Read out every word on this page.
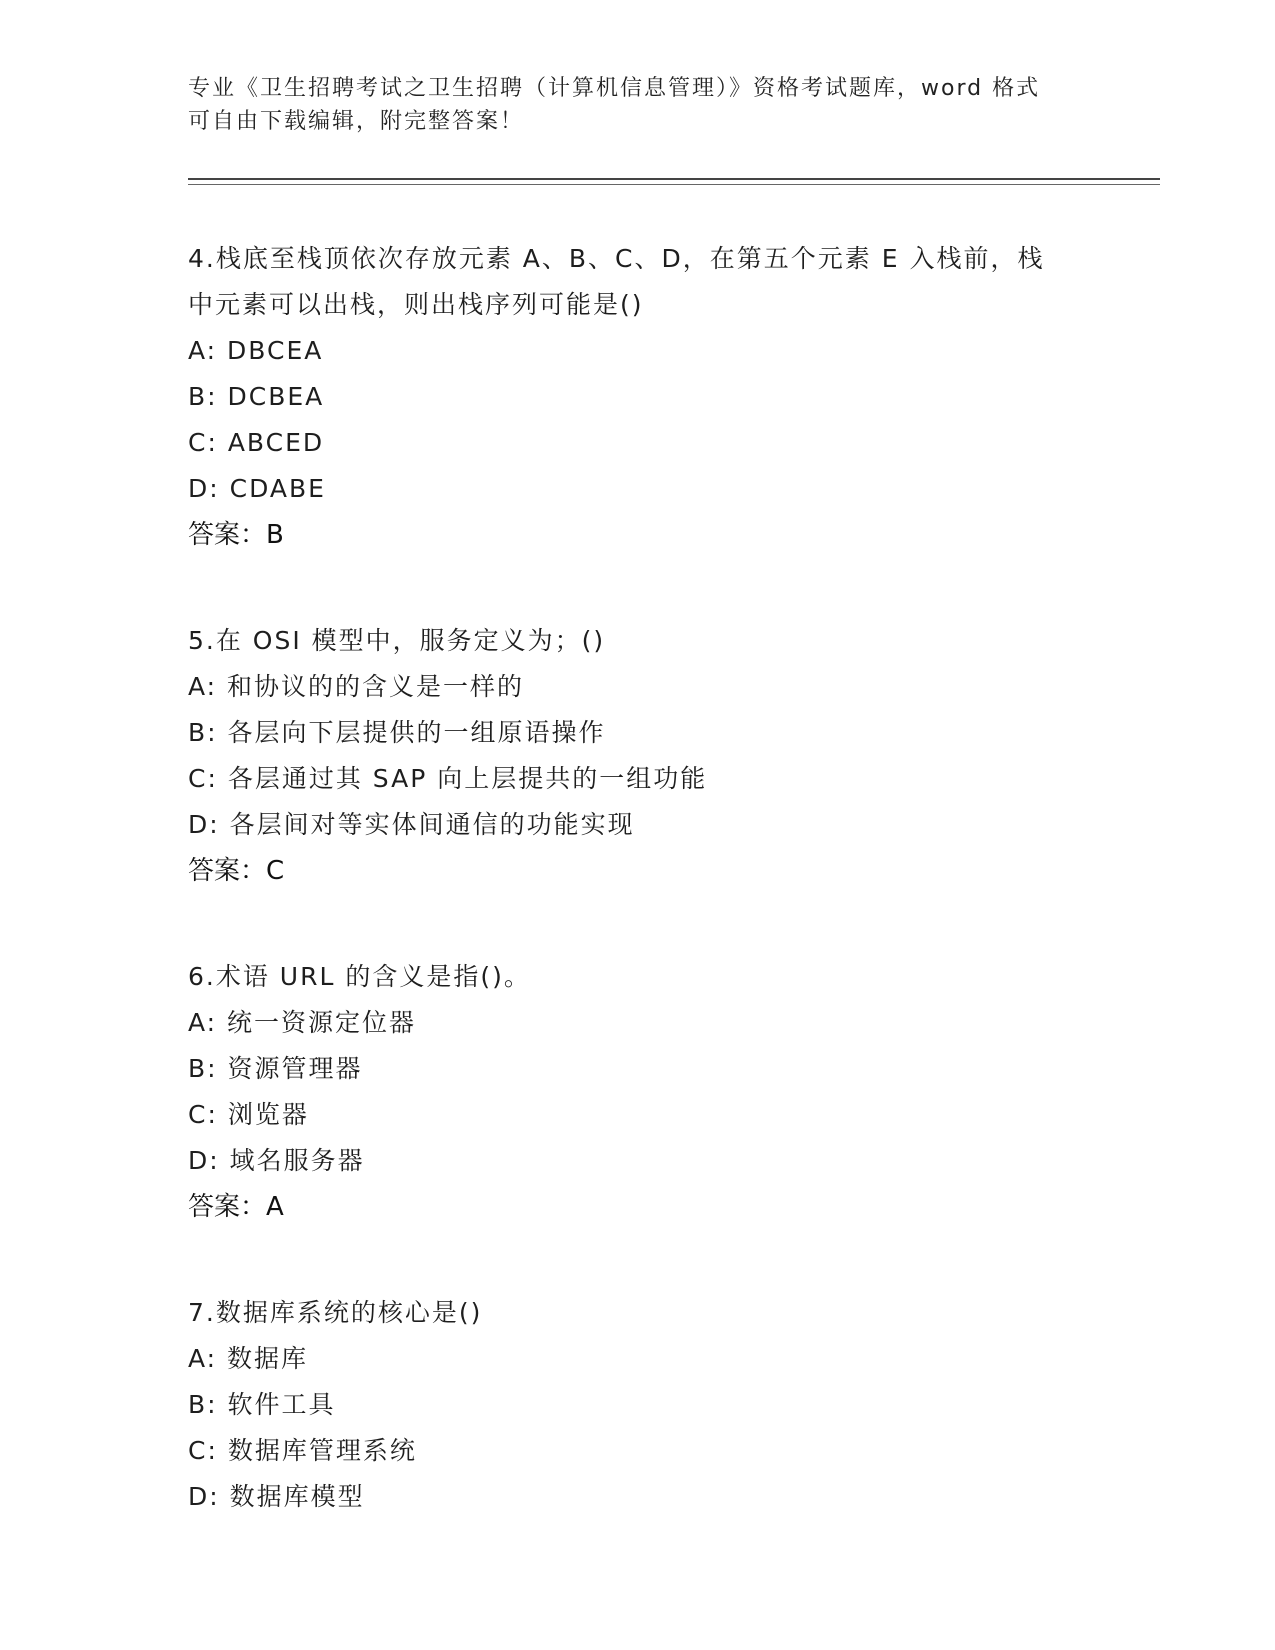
专业《卫生招聘考试之卫生招聘（计算机信息管理）》资格考试题库，word 格式

可自由下载编辑，附完整答案！

4.栈底至栈顶依次存放元素 A、B、C、D，在第五个元素 E 入栈前，栈

中元素可以出栈，则出栈序列可能是()

A: DBCEA

B: DCBEA

C: ABCED

D: CDABE

答案：B

5.在 OSI 模型中，服务定义为；()

A: 和协议的的含义是一样的

B: 各层向下层提供的一组原语操作

C: 各层通过其 SAP 向上层提共的一组功能

D: 各层间对等实体间通信的功能实现

答案：C

6.术语 URL 的含义是指()。

A: 统一资源定位器

B: 资源管理器

C: 浏览器

D: 域名服务器

答案：A

7.数据库系统的核心是()

A: 数据库

B: 软件工具

C: 数据库管理系统

D: 数据库模型
